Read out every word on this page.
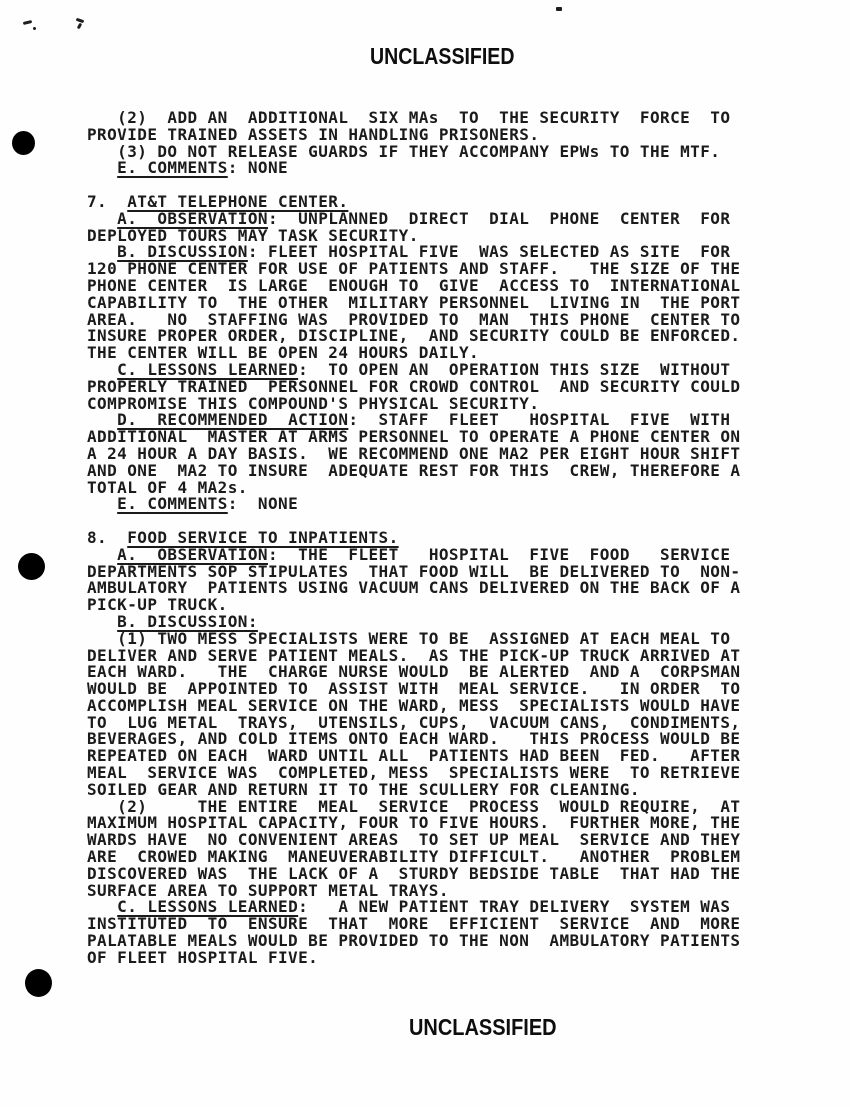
UNCLASSIFIED
(2)  ADD AN  ADDITIONAL  SIX MAs  TO  THE SECURITY  FORCE  TO
PROVIDE TRAINED ASSETS IN HANDLING PRISONERS.
(3) DO NOT RELEASE GUARDS IF THEY ACCOMPANY EPWs TO THE MTF.
E. COMMENTS: NONE

7.  AT&T TELEPHONE CENTER.
A.  OBSERVATION:  UNPLANNED  DIRECT  DIAL  PHONE  CENTER  FOR
DEPLOYED TOURS MAY TASK SECURITY.
B. DISCUSSION: FLEET HOSPITAL FIVE  WAS SELECTED AS SITE  FOR
120 PHONE CENTER FOR USE OF PATIENTS AND STAFF.   THE SIZE OF THE
PHONE CENTER  IS LARGE  ENOUGH TO  GIVE  ACCESS TO  INTERNATIONAL
CAPABILITY TO  THE OTHER  MILITARY PERSONNEL  LIVING IN  THE PORT
AREA.   NO  STAFFING WAS  PROVIDED TO  MAN  THIS PHONE  CENTER TO
INSURE PROPER ORDER, DISCIPLINE,  AND SECURITY COULD BE ENFORCED.
THE CENTER WILL BE OPEN 24 HOURS DAILY.
C. LESSONS LEARNED:  TO OPEN AN  OPERATION THIS SIZE  WITHOUT
PROPERLY TRAINED  PERSONNEL FOR CROWD CONTROL  AND SECURITY COULD
COMPROMISE THIS COMPOUND'S PHYSICAL SECURITY.
D.  RECOMMENDED  ACTION:  STAFF  FLEET   HOSPITAL  FIVE  WITH
ADDITIONAL  MASTER AT ARMS PERSONNEL TO OPERATE A PHONE CENTER ON
A 24 HOUR A DAY BASIS.  WE RECOMMEND ONE MA2 PER EIGHT HOUR SHIFT
AND ONE  MA2 TO INSURE  ADEQUATE REST FOR THIS  CREW, THEREFORE A
TOTAL OF 4 MA2s.
E. COMMENTS:  NONE

8.  FOOD SERVICE TO INPATIENTS.
A.  OBSERVATION:  THE  FLEET   HOSPITAL  FIVE  FOOD   SERVICE
DEPARTMENTS SOP STIPULATES  THAT FOOD WILL  BE DELIVERED TO  NON-
AMBULATORY  PATIENTS USING VACUUM CANS DELIVERED ON THE BACK OF A
PICK-UP TRUCK.
B. DISCUSSION:
(1) TWO MESS SPECIALISTS WERE TO BE  ASSIGNED AT EACH MEAL TO
DELIVER AND SERVE PATIENT MEALS.  AS THE PICK-UP TRUCK ARRIVED AT
EACH WARD.   THE  CHARGE NURSE WOULD  BE ALERTED  AND A  CORPSMAN
WOULD BE  APPOINTED TO  ASSIST WITH  MEAL SERVICE.   IN ORDER  TO
ACCOMPLISH MEAL SERVICE ON THE WARD, MESS  SPECIALISTS WOULD HAVE
TO  LUG METAL  TRAYS,  UTENSILS, CUPS,  VACUUM CANS,  CONDIMENTS,
BEVERAGES, AND COLD ITEMS ONTO EACH WARD.   THIS PROCESS WOULD BE
REPEATED ON EACH  WARD UNTIL ALL  PATIENTS HAD BEEN  FED.   AFTER
MEAL  SERVICE WAS  COMPLETED, MESS  SPECIALISTS WERE  TO RETRIEVE
SOILED GEAR AND RETURN IT TO THE SCULLERY FOR CLEANING.
(2)     THE ENTIRE  MEAL  SERVICE  PROCESS  WOULD REQUIRE,  AT
MAXIMUM HOSPITAL CAPACITY, FOUR TO FIVE HOURS.  FURTHER MORE, THE
WARDS HAVE  NO CONVENIENT AREAS  TO SET UP MEAL  SERVICE AND THEY
ARE  CROWED MAKING  MANEUVERABILITY DIFFICULT.   ANOTHER  PROBLEM
DISCOVERED WAS  THE LACK OF A  STURDY BEDSIDE TABLE  THAT HAD THE
SURFACE AREA TO SUPPORT METAL TRAYS.
C. LESSONS LEARNED:   A NEW PATIENT TRAY DELIVERY  SYSTEM WAS
INSTITUTED  TO  ENSURE  THAT  MORE  EFFICIENT  SERVICE  AND  MORE
PALATABLE MEALS WOULD BE PROVIDED TO THE NON  AMBULATORY PATIENTS
OF FLEET HOSPITAL FIVE.

UNCLASSIFIED
